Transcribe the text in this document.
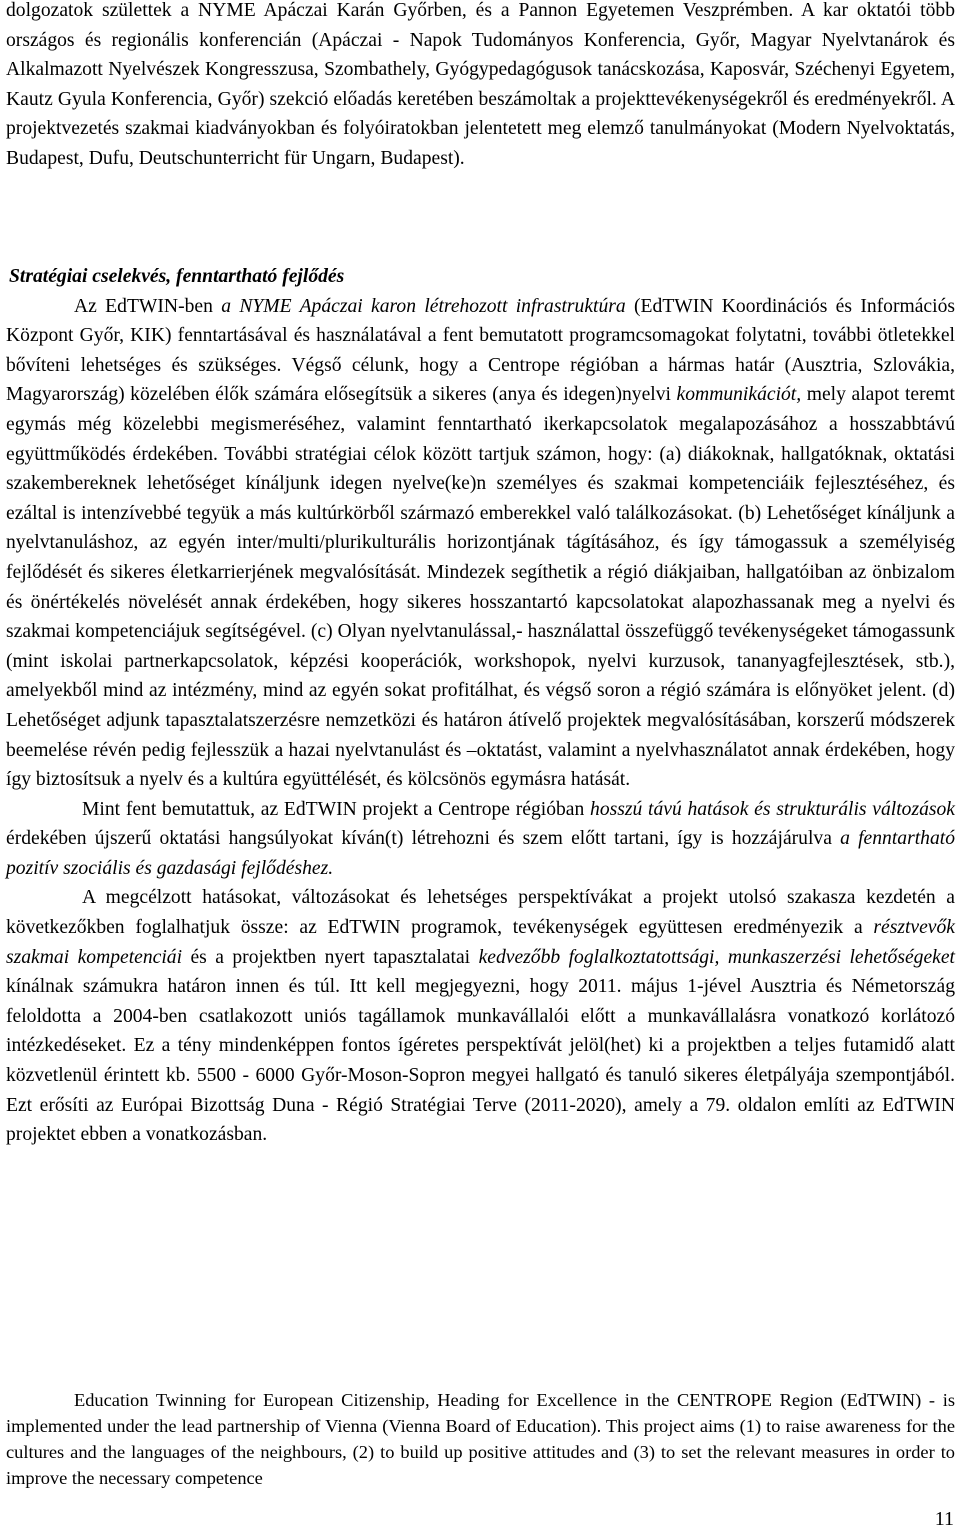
dolgozatok születtek a NYME Apáczai Karán Győrben, és a Pannon Egyetemen Veszprémben. A kar oktatói több országos és regionális konferencián (Apáczai - Napok Tudományos Konferencia, Győr, Magyar Nyelvtanárok és Alkalmazott Nyelvészek Kongresszusa, Szombathely, Gyógypedagógusok tanácskozása, Kaposvár, Széchenyi Egyetem, Kautz Gyula Konferencia, Győr) szekció előadás keretében beszámoltak a projekttevékenységekről és eredményekről. A projektvezetés szakmai kiadványokban és folyóiratokban jelentetett meg elemző tanulmányokat (Modern Nyelvoktatás, Budapest, Dufu, Deutschunterricht für Ungarn, Budapest).

Stratégiai cselekvés, fenntartható fejlődés
Az EdTWIN-ben a NYME Apáczai karon létrehozott infrastruktúra (EdTWIN Koordinációs és Információs Központ Győr, KIK) fenntartásával és használatával a fent bemutatott programcsomagokat folytatni, további ötletekkel bővíteni lehetséges és szükséges. Végső célunk, hogy a Centrope régióban a hármas határ (Ausztria, Szlovákia, Magyarország) közelében élők számára elősegítsük a sikeres (anya és idegen)nyelvi kommunikációt, mely alapot teremt egymás még közelebbi megismeréséhez, valamint fenntartható ikerkapcsolatok megalapozásához a hosszabbtávú együttműködés érdekében. További stratégiai célok között tartjuk számon, hogy: (a) diákoknak, hallgatóknak, oktatási szakembereknek lehetőséget kínáljunk idegen nyelve(ke)n személyes és szakmai kompetenciáik fejlesztéséhez, és ezáltal is intenzívebbé tegyük a más kultúrkörből származó emberekkel való találkozásokat. (b) Lehetőséget kínáljunk a nyelvtanuláshoz, az egyén inter/multi/plurikulturális horizontjának tágításához, és így támogassuk a személyiség fejlődését és sikeres életkarrierjének megvalósítását. Mindezek segíthetik a régió diákjaiban, hallgatóiban az önbizalom és önértékelés növelését annak érdekében, hogy sikeres hosszantartó kapcsolatokat alapozhassanak meg a nyelvi és szakmai kompetenciájuk segítségével. (c) Olyan nyelvtanulással,- használattal összefüggő tevékenységeket támogassunk (mint iskolai partnerkapcsolatok, képzési kooperációk, workshopok, nyelvi kurzusok, tananyagfejlesztések, stb.), amelyekből mind az intézmény, mind az egyén sokat profitálhat, és végső soron a régió számára is előnyöket jelent. (d) Lehetőséget adjunk tapasztalatszerzésre nemzetközi és határon átívelő projektek megvalósításában, korszerű módszerek beemelése révén pedig fejlesszük a hazai nyelvtanulást és –oktatást, valamint a nyelvhasználatot annak érdekében, hogy így biztosítsuk a nyelv és a kultúra együttélését, és kölcsönös egymásra hatását.
Mint fent bemutattuk, az EdTWIN projekt a Centrope régióban hosszú távú hatások és strukturális változások érdekében újszerű oktatási hangsúlyokat kíván(t) létrehozni és szem előtt tartani, így is hozzájárulva a fenntartható pozitív szociális és gazdasági fejlődéshez.
A megcélzott hatásokat, változásokat és lehetséges perspektívákat a projekt utolsó szakasza kezdetén a következőkben foglalhatjuk össze: az EdTWIN programok, tevékenységek együttesen eredményezik a résztvevők szakmai kompetenciái és a projektben nyert tapasztalatai kedvezőbb foglalkoztatottsági, munkaszerzési lehetőségeket kínálnak számukra határon innen és túl. Itt kell megjegyezni, hogy 2011. május 1-jével Ausztria és Németország feloldotta a 2004-ben csatlakozott uniós tagállamok munkavállalói előtt a munkavállalásra vonatkozó korlátozó intézkedéseket. Ez a tény mindenképpen fontos ígéretes perspektívát jelöl(het) ki a projektben a teljes futamidő alatt közvetlenül érintett kb. 5500 - 6000 Győr-Moson-Sopron megyei hallgató és tanuló sikeres életpályája szempontjából. Ezt erősíti az Európai Bizottság Duna - Régió Stratégiai Terve (2011-2020), amely a 79. oldalon említi az EdTWIN projektet ebben a vonatkozásban.

Education Twinning for European Citizenship, Heading for Excellence in the CENTROPE Region (EdTWIN) - is implemented under the lead partnership of Vienna (Vienna Board of Education). This project aims (1) to raise awareness for the cultures and the languages of the neighbours, (2) to build up positive attitudes and (3) to set the relevant measures in order to improve the necessary competence

11
